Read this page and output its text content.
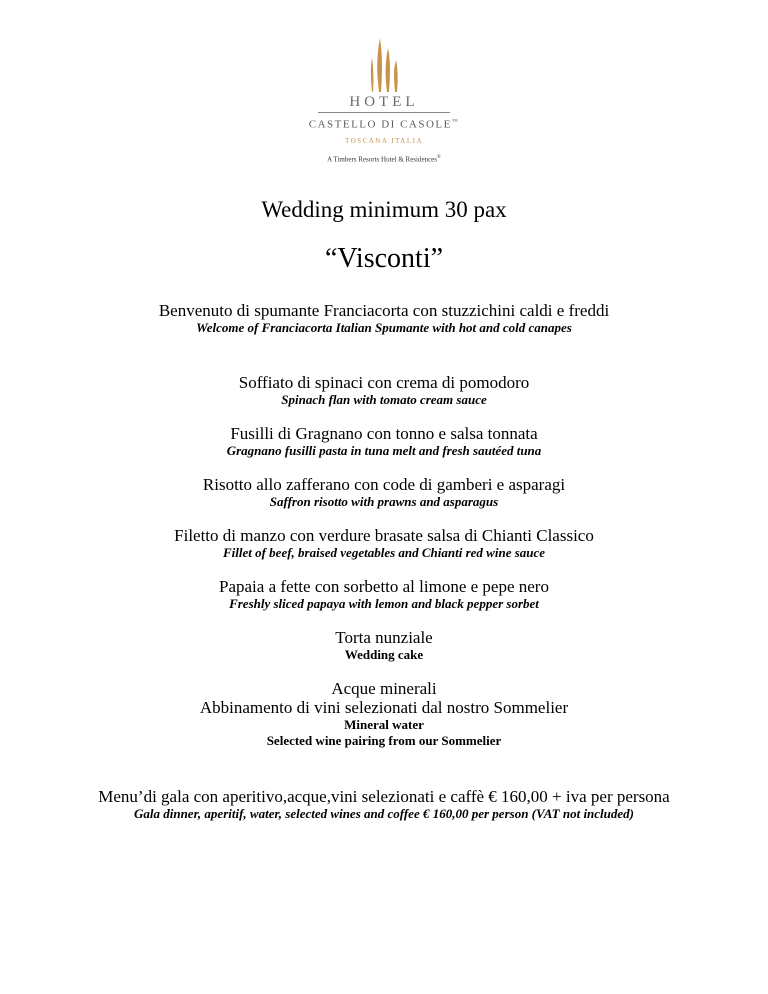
HOTEL
CASTELLO DI CASOLE™
TOSCANA ITALIA
A Timbers Resorts Hotel & Residences®
Wedding minimum 30 pax
“Visconti”
Benvenuto di spumante Franciacorta con stuzzichini caldi e freddi
Welcome of Franciacorta Italian Spumante with hot and cold canapes
Soffiato di spinaci con crema di pomodoro
Spinach flan with tomato cream sauce
Fusilli di Gragnano con tonno e salsa tonnata
Gragnano fusilli pasta in tuna melt and fresh sautéed tuna
Risotto allo zafferano con code di gamberi e asparagi
Saffron risotto with prawns and asparagus
Filetto di manzo con verdure brasate salsa di Chianti Classico
Fillet of beef, braised vegetables and Chianti red wine sauce
Papaia a fette con sorbetto al limone e pepe nero
Freshly sliced papaya with lemon and black pepper sorbet
Torta nunziale
Wedding cake
Acque minerali
Abbinamento di vini selezionati dal nostro Sommelier
Mineral water
Selected wine pairing from our Sommelier
Menu’di gala con aperitivo,acque,vini selezionati e caffè € 160,00 + iva per persona
Gala dinner, aperitif, water, selected wines and coffee € 160,00 per person (VAT not included)
